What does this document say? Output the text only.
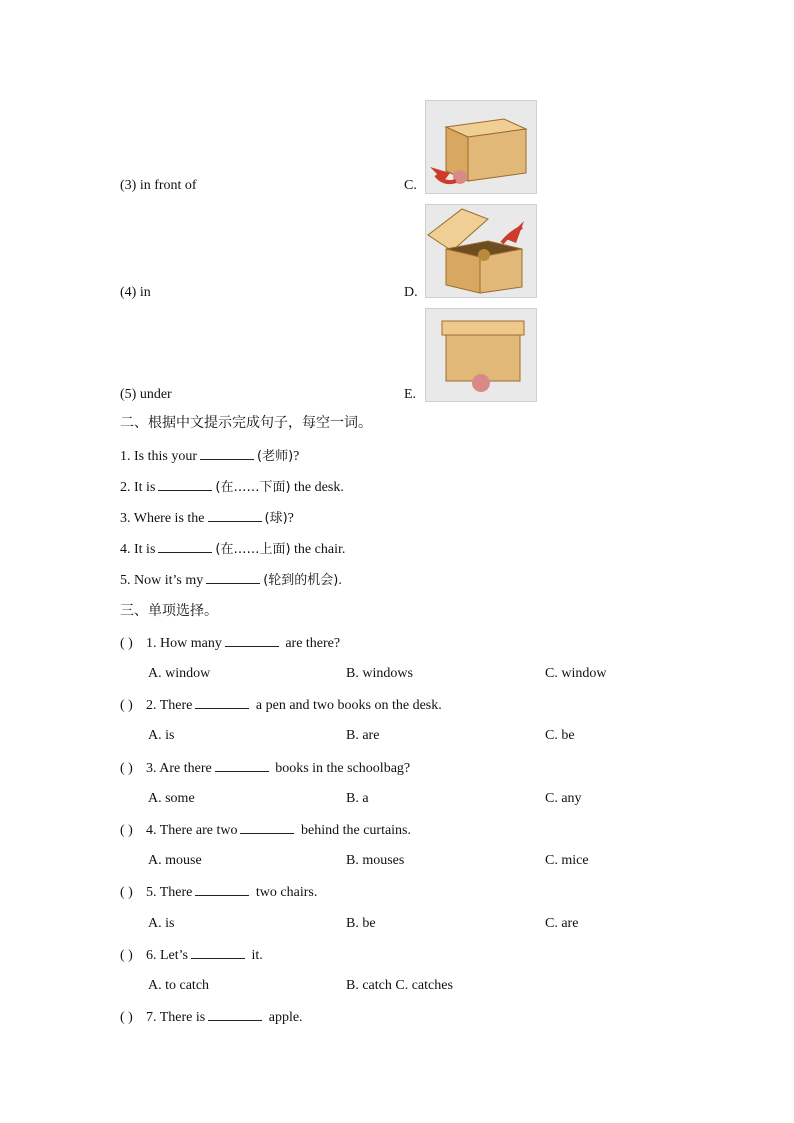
(3) in front of	C.
(4) in	D.
(5) under	E.
二、根据中文提示完成句子，每空一词。
1. Is this your	(老师)?
2. It is	(在……下面) the desk.
3. Where is the	(球)?
4. It is	(在……上面) the chair.
5. Now it’s my	(轮到的机会).
三、单项选择。
( ) 1. How many	are there?
A. window	B. windows	C. window
( ) 2. There	a pen and two books on the desk.
A. is	B. are	C. be
( ) 3. Are there	books in the schoolbag?
A. some	B. a	C. any
( ) 4. There are two	behind the curtains.
A. mouse	B. mouses	C. mice
( ) 5. There	two chairs.
A. is	B. be	C. are
( ) 6. Let’s	it.
A. to catch	B. catch C. catches
( ) 7. There is	apple.
